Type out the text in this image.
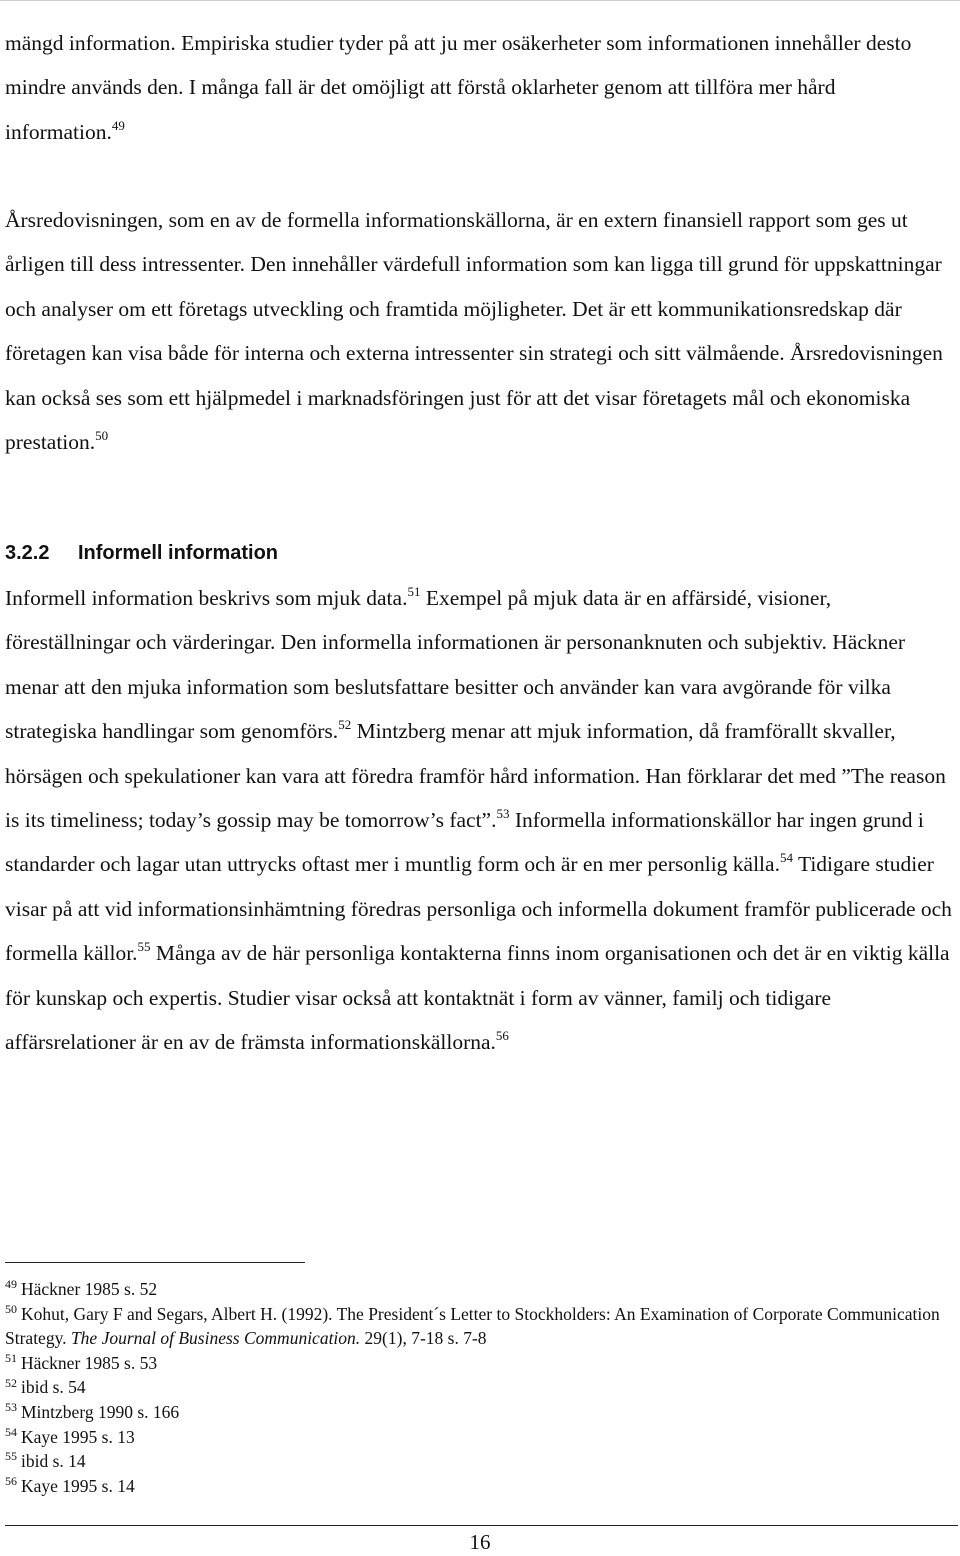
mängd information. Empiriska studier tyder på att ju mer osäkerheter som informationen innehåller desto mindre används den. I många fall är det omöjligt att förstå oklarheter genom att tillföra mer hård information.$^{49}$

Årsredovisningen, som en av de formella informationskällorna, är en extern finansiell rapport som ges ut årligen till dess intressenter. Den innehåller värdefull information som kan ligga till grund för uppskattningar och analyser om ett företags utveckling och framtida möjligheter. Det är ett kommunikationsredskap där företagen kan visa både för interna och externa intressenter sin strategi och sitt välmående. Årsredovisningen kan också ses som ett hjälpmedel i marknadsföringen just för att det visar företagets mål och ekonomiska prestation.$^{50}$

3.2.2 Informell information

Informell information beskrivs som mjuk data.$^{51}$ Exempel på mjuk data är en affärsidé, visioner, föreställningar och värderingar. Den informella informationen är personanknuten och subjektiv. Häckner menar att den mjuka information som beslutsfattare besitter och använder kan vara avgörande för vilka strategiska handlingar som genomförs.$^{52}$ Mintzberg menar att mjuk information, då framförallt skvaller, hörsägen och spekulationer kan vara att föredra framför hård information. Han förklarar det med ”The reason is its timeliness; today’s gossip may be tomorrow’s fact”.$^{53}$ Informella informationskällor har ingen grund i standarder och lagar utan uttrycks oftast mer i muntlig form och är en mer personlig källa.$^{54}$ Tidigare studier visar på att vid informationsinhämtning föredras personliga och informella dokument framför publicerade och formella källor.$^{55}$ Många av de här personliga kontakterna finns inom organisationen och det är en viktig källa för kunskap och expertis. Studier visar också att kontaktnät i form av vänner, familj och tidigare affärsrelationer är en av de främsta informationskällorna.$^{56}$

$^{49}$ Häckner 1985 s. 52
$^{50}$ Kohut, Gary F and Segars, Albert H. (1992). The President´s Letter to Stockholders: An Examination of Corporate Communication Strategy. The Journal of Business Communication. 29(1), 7-18 s. 7-8
$^{51}$ Häckner 1985 s. 53
$^{52}$ ibid s. 54
$^{53}$ Mintzberg 1990 s. 166
$^{54}$ Kaye 1995 s. 13
$^{55}$ ibid s. 14
$^{56}$ Kaye 1995 s. 14
16
